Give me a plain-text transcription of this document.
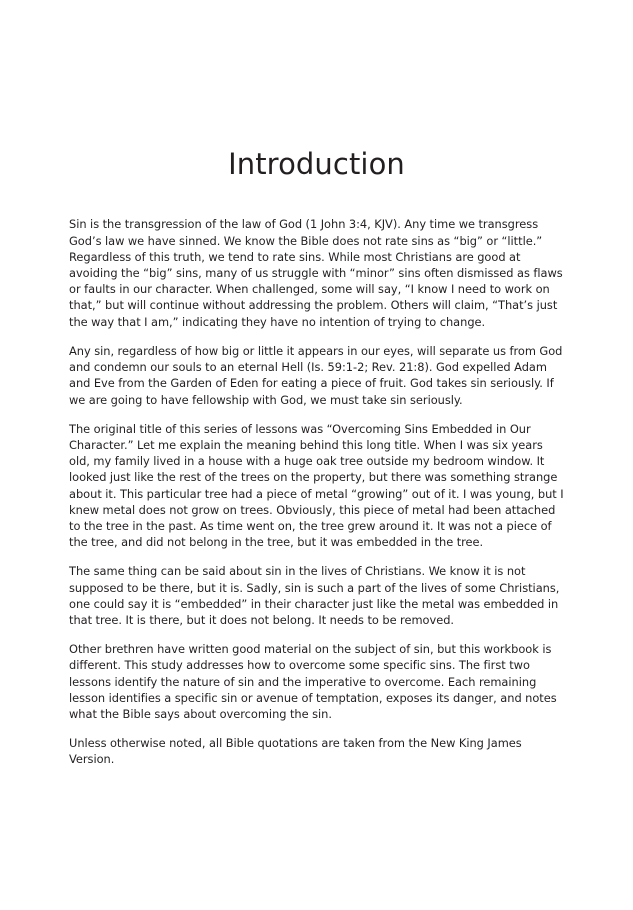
Introduction

Sin is the transgression of the law of God (1 John 3:4, KJV). Any time we transgress God’s law we have sinned. We know the Bible does not rate sins as “big” or “little.” Regardless of this truth, we tend to rate sins. While most Christians are good at avoiding the “big” sins, many of us struggle with “minor” sins often dismissed as flaws or faults in our character. When challenged, some will say, “I know I need to work on that,” but will continue without addressing the problem. Others will claim, “That’s just the way that I am,” indicating they have no intention of trying to change.

Any sin, regardless of how big or little it appears in our eyes, will separate us from God and condemn our souls to an eternal Hell (Is. 59:1-2; Rev. 21:8). God expelled Adam and Eve from the Garden of Eden for eating a piece of fruit. God takes sin seriously. If we are going to have fellowship with God, we must take sin seriously.

The original title of this series of lessons was “Overcoming Sins Embedded in Our Character.” Let me explain the meaning behind this long title. When I was six years old, my family lived in a house with a huge oak tree outside my bedroom window. It looked just like the rest of the trees on the property, but there was something strange about it. This particular tree had a piece of metal “growing” out of it. I was young, but I knew metal does not grow on trees. Obviously, this piece of metal had been attached to the tree in the past. As time went on, the tree grew around it. It was not a piece of the tree, and did not belong in the tree, but it was embedded in the tree.

The same thing can be said about sin in the lives of Christians. We know it is not supposed to be there, but it is. Sadly, sin is such a part of the lives of some Christians, one could say it is “embedded” in their character just like the metal was embedded in that tree. It is there, but it does not belong. It needs to be removed.

Other brethren have written good material on the subject of sin, but this workbook is different. This study addresses how to overcome some specific sins. The first two lessons identify the nature of sin and the imperative to overcome. Each remaining lesson identifies a specific sin or avenue of temptation, exposes its danger, and notes what the Bible says about overcoming the sin.

Unless otherwise noted, all Bible quotations are taken from the New King James Version.
